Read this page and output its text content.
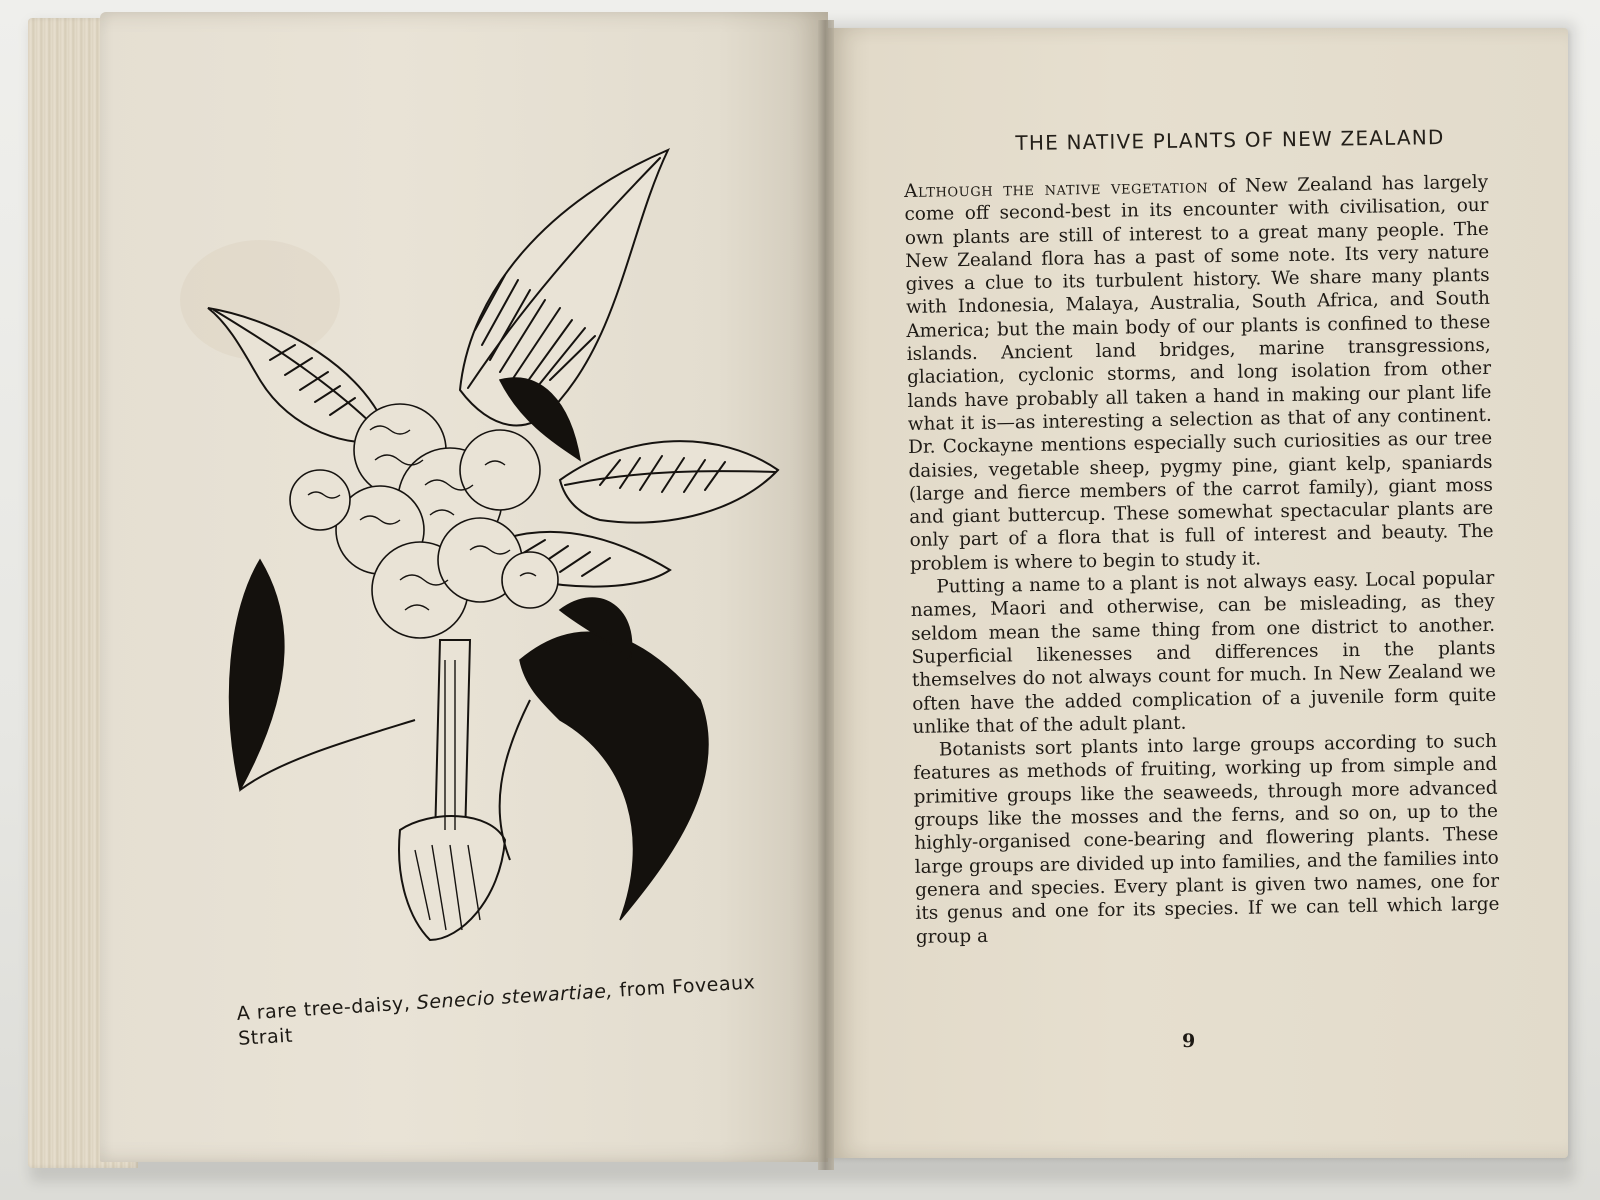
A rare tree-daisy, Senecio stewartiae, from Foveaux Strait
THE NATIVE PLANTS OF NEW ZEALAND

Although the native vegetation of New Zealand has largely come off second-best in its encounter with civilisation, our own plants are still of interest to a great many people. The New Zealand flora has a past of some note. Its very nature gives a clue to its turbulent history. We share many plants with Indonesia, Malaya, Australia, South Africa, and South America; but the main body of our plants is confined to these islands. Ancient land bridges, marine transgressions, glaciation, cyclonic storms, and long isolation from other lands have probably all taken a hand in making our plant life what it is—as interesting a selection as that of any continent. Dr. Cockayne mentions especially such curiosities as our tree daisies, vegetable sheep, pygmy pine, giant kelp, spaniards (large and fierce members of the carrot family), giant moss and giant buttercup. These somewhat spectacular plants are only part of a flora that is full of interest and beauty. The problem is where to begin to study it.

Putting a name to a plant is not always easy. Local popular names, Maori and otherwise, can be misleading, as they seldom mean the same thing from one district to another. Superficial likenesses and differences in the plants themselves do not always count for much. In New Zealand we often have the added complication of a juvenile form quite unlike that of the adult plant.

Botanists sort plants into large groups according to such features as methods of fruiting, working up from simple and primitive groups like the seaweeds, through more advanced groups like the mosses and the ferns, and so on, up to the highly-organised cone-bearing and flowering plants. These large groups are divided up into families, and the families into genera and species. Every plant is given two names, one for its genus and one for its species. If we can tell which large group a

9
